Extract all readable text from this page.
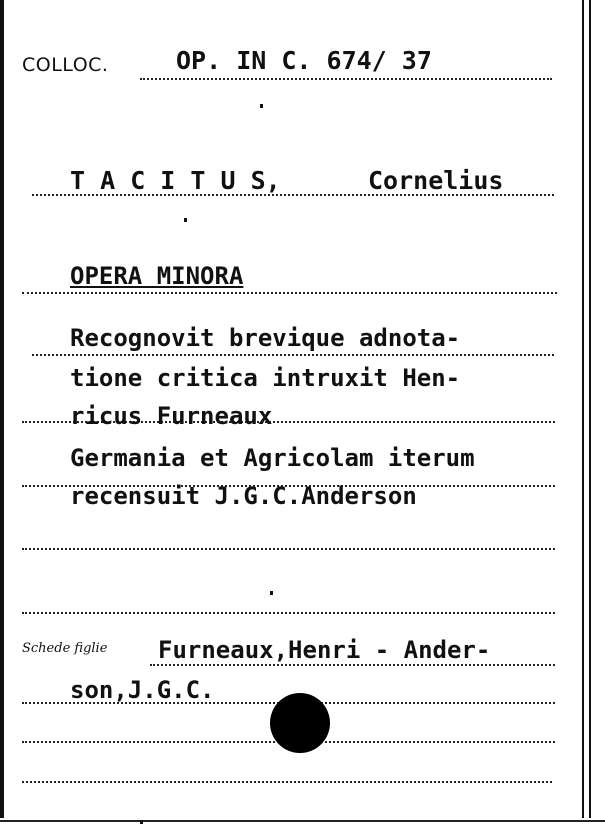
COLLOC.	OP. IN C. 674/ 37
T A C I T U S,	Cornelius
OPERA MINORA
Recognovit brevique adnota-
tione critica intruxit Hen-
ricus Furneaux
Germania et Agricolam iterum
recensuit J.G.C.Anderson
Schede figlie Furneaux,Henri - Ander-
son,J.G.C.
